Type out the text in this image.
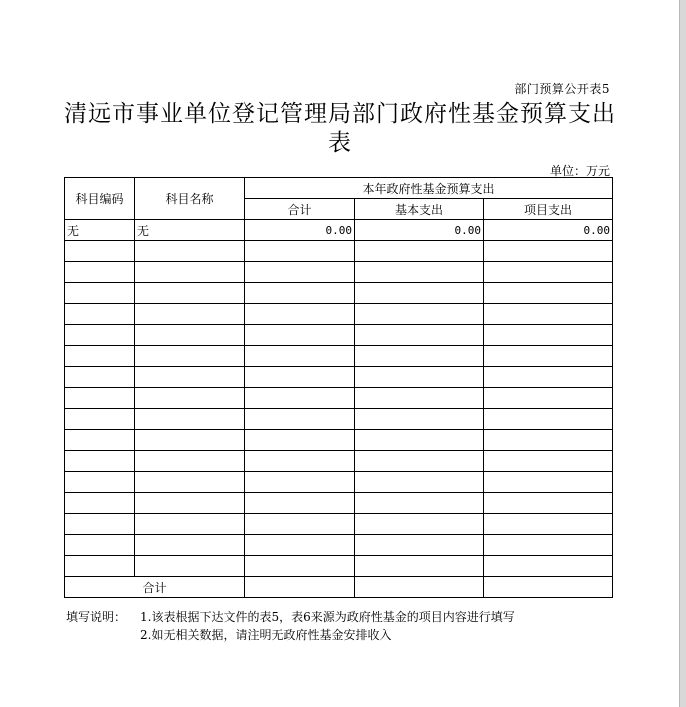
部门预算公开表5
清远市事业单位登记管理局部门政府性基金预算支出表
单位：万元
科目编码	科目名称	本年政府性基金预算支出		
		合计	基本支出	项目支出
无	无	0.00	0.00	0.00

合计				
填写说明： 1.该表根据下达文件的表5，表6来源为政府性基金的项目内容进行填写
2.如无相关数据，请注明无政府性基金安排收入
